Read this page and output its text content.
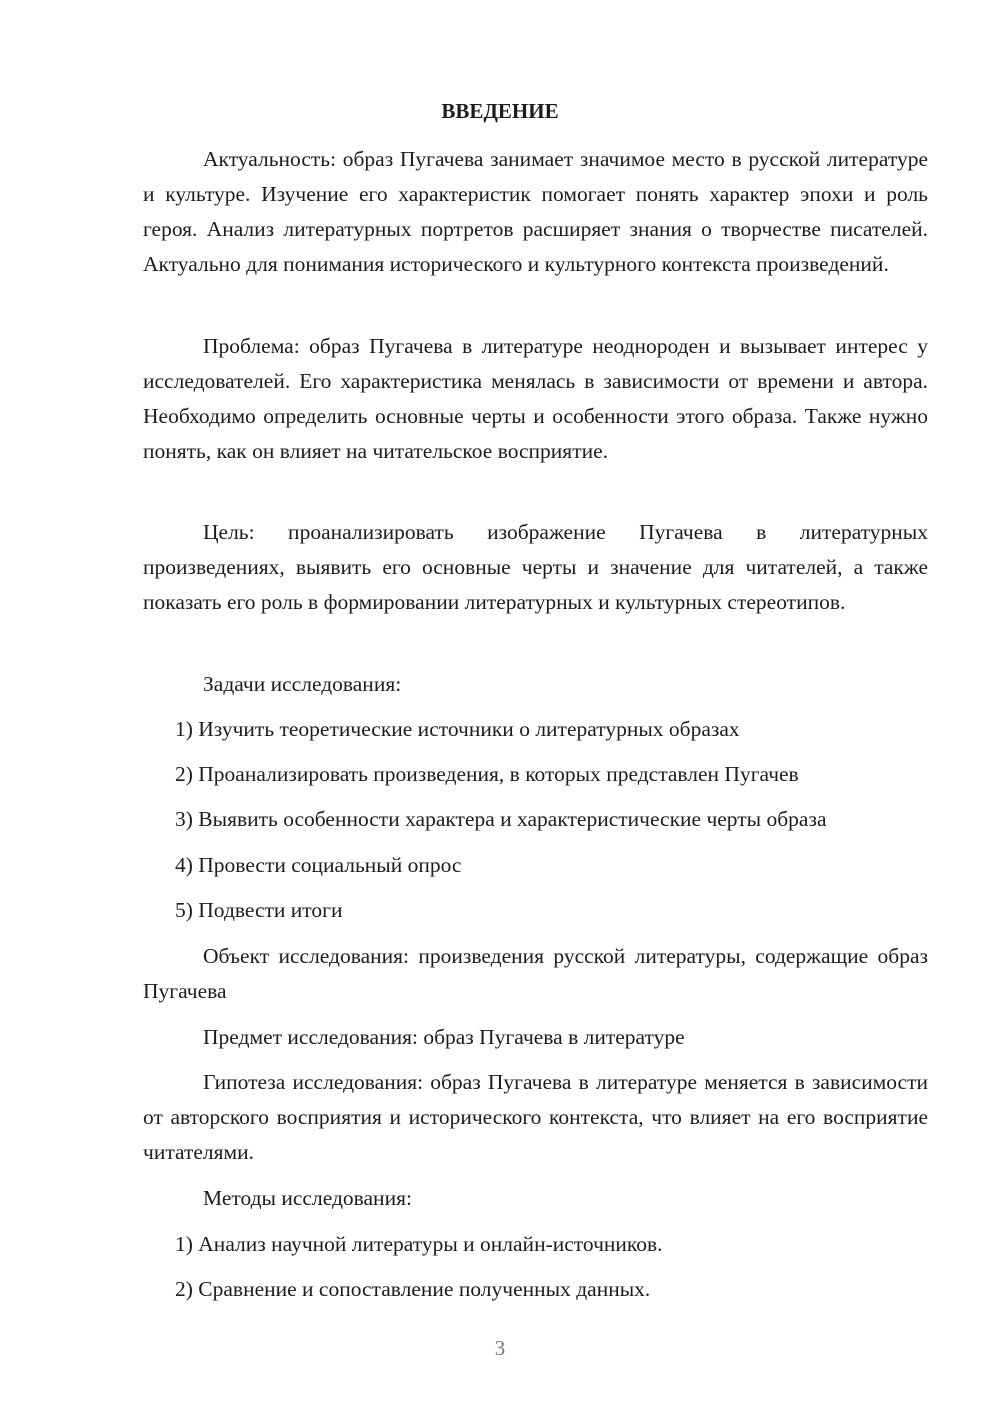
ВВЕДЕНИЕ

Актуальность: образ Пугачева занимает значимое место в русской литературе и культуре. Изучение его характеристик помогает понять характер эпохи и роль героя. Анализ литературных портретов расширяет знания о творчестве писателей. Актуально для понимания исторического и культурного контекста произведений.

Проблема: образ Пугачева в литературе неоднороден и вызывает интерес у исследователей. Его характеристика менялась в зависимости от времени и автора. Необходимо определить основные черты и особенности этого образа. Также нужно понять, как он влияет на читательское восприятие.

Цель: проанализировать изображение Пугачева в литературных произведениях, выявить его основные черты и значение для читателей, а также показать его роль в формировании литературных и культурных стереотипов.

Задачи исследования:

1) Изучить теоретические источники о литературных образах

2) Проанализировать произведения, в которых представлен Пугачев

3) Выявить особенности характера и характеристические черты образа

4) Провести социальный опрос

5) Подвести итоги

Объект исследования: произведения русской литературы, содержащие образ Пугачева

Предмет исследования: образ Пугачева в литературе

Гипотеза исследования: образ Пугачева в литературе меняется в зависимости от авторского восприятия и исторического контекста, что влияет на его восприятие читателями.

Методы исследования:

1) Анализ научной литературы и онлайн-источников.

2) Сравнение и сопоставление полученных данных.

3
